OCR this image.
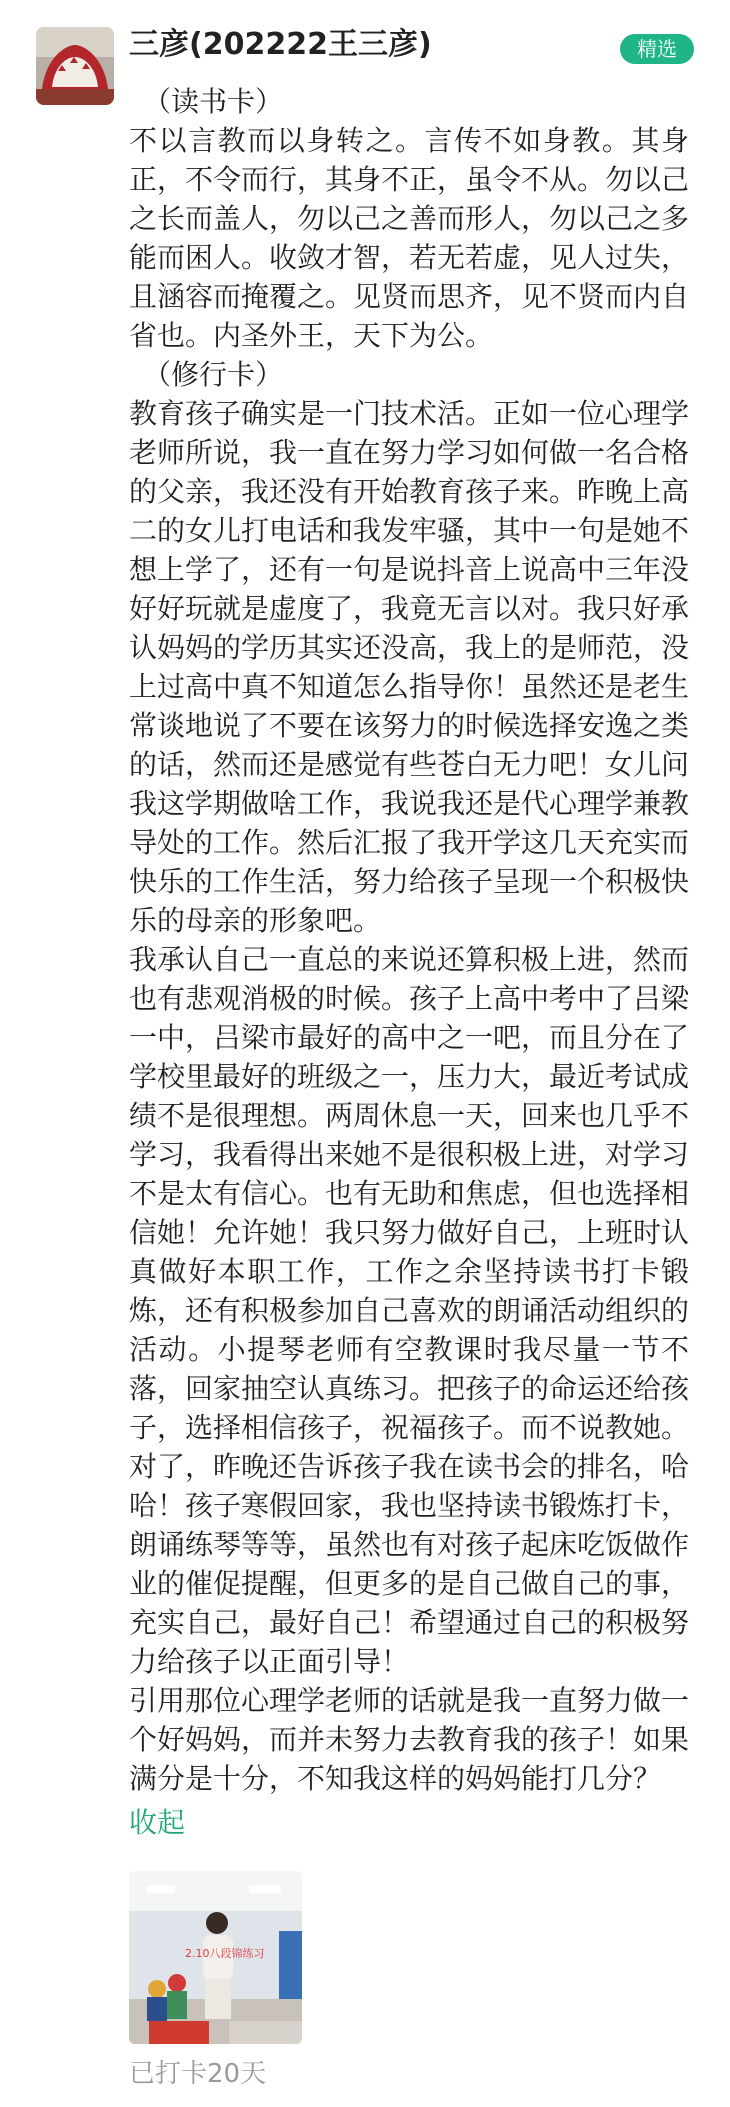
三彦(202222王三彦)	精选

（读书卡）

不以言教而以身转之。言传不如身教。其身正，不令而行，其身不正，虽令不从。勿以己之长而盖人，勿以己之善而形人，勿以己之多能而困人。收敛才智，若无若虚，见人过失，且涵容而掩覆之。见贤而思齐，见不贤而内自省也。内圣外王，天下为公。

（修行卡）

教育孩子确实是一门技术活。正如一位心理学老师所说，我一直在努力学习如何做一名合格的父亲，我还没有开始教育孩子来。昨晚上高二的女儿打电话和我发牢骚，其中一句是她不想上学了，还有一句是说抖音上说高中三年没好好玩就是虚度了，我竟无言以对。我只好承认妈妈的学历其实还没高，我上的是师范，没上过高中真不知道怎么指导你！虽然还是老生常谈地说了不要在该努力的时候选择安逸之类的话，然而还是感觉有些苍白无力吧！女儿问我这学期做啥工作，我说我还是代心理学兼教导处的工作。然后汇报了我开学这几天充实而快乐的工作生活，努力给孩子呈现一个积极快乐的母亲的形象吧。

我承认自己一直总的来说还算积极上进，然而也有悲观消极的时候。孩子上高中考中了吕梁一中，吕梁市最好的高中之一吧，而且分在了学校里最好的班级之一，压力大，最近考试成绩不是很理想。两周休息一天，回来也几乎不学习，我看得出来她不是很积极上进，对学习不是太有信心。也有无助和焦虑，但也选择相信她！允许她！我只努力做好自己，上班时认真做好本职工作，工作之余坚持读书打卡锻炼，还有积极参加自己喜欢的朗诵活动组织的活动。小提琴老师有空教课时我尽量一节不落，回家抽空认真练习。把孩子的命运还给孩子，选择相信孩子，祝福孩子。而不说教她。对了，昨晚还告诉孩子我在读书会的排名，哈哈！孩子寒假回家，我也坚持读书锻炼打卡，朗诵练琴等等，虽然也有对孩子起床吃饭做作业的催促提醒，但更多的是自己做自己的事，充实自己，最好自己！希望通过自己的积极努力给孩子以正面引导！

引用那位心理学老师的话就是我一直努力做一个好妈妈，而并未努力去教育我的孩子！如果满分是十分，不知我这样的妈妈能打几分？

收起
2.10八段锦练习
已打卡20天
